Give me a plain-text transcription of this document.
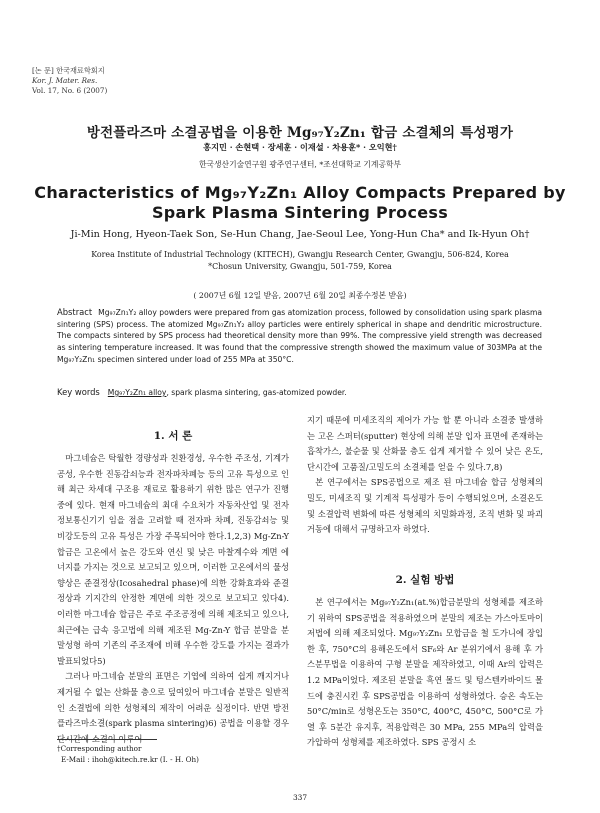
[논 문] 한국재료학회지
Kor. J. Mater. Res.
Vol. 17, No. 6 (2007)
방전플라즈마 소결공법을 이용한 Mg₉₇Y₂Zn₁ 합금 소결체의 특성평가
홍지민 · 손현택 · 장세훈 · 이재설 · 차용훈* · 오익현†
한국생산기술연구원 광주연구센터, *조선대학교 기계공학부
Characteristics of Mg₉₇Y₂Zn₁ Alloy Compacts Prepared by
Spark Plasma Sintering Process
Ji-Min Hong, Hyeon-Taek Son, Se-Hun Chang, Jae-Seoul Lee, Yong-Hun Cha* and Ik-Hyun Oh†
Korea Institute of Industrial Technology (KITECH), Gwangju Research Center, Gwangju, 506-824, Korea
*Chosun University, Gwangju, 501-759, Korea
( 2007년 6월 12일 받음, 2007년 6월 20일 최종수정본 받음)
Abstract Mg₉₇Zn₁Y₂ alloy powders were prepared from gas atomization process, followed by consolidation using spark plasma sintering (SPS) process. The atomized Mg₉₇Zn₁Y₂ alloy particles were entirely spherical in shape and dendritic microstructure. The compacts sintered by SPS process had theoretical density more than 99%. The compressive yield strength was decreased as sintering temperature increased. It was found that the compressive strength showed the maximum value of 303MPa at the Mg₉₇Y₂Zn₁ specimen sintered under load of 255 MPa at 350°C.
Key words Mg₉₇Y₂Zn₁ alloy, spark plasma sintering, gas-atomized powder.
1. 서 론

마그네슘은 탁월한 경량성과 친환경성, 우수한 주조성, 기계가공성, 우수한 진동감쇠능과 전자파차폐능 등의 고유 특성으로 인해 최근 차세대 구조용 재료로 활용하기 위한 많은 연구가 진행중에 있다. 현재 마그네슘의 최대 수요처가 자동차산업 및 전자정보통신기기 임을 점을 고려할 때 전자파 차폐, 진동감쇠능 및 비강도등의 고유 특성은 가장 주목되어야 한다.1,2,3) Mg-Zn-Y합금은 고온에서 높은 강도와 연신 및 낮은 마찰계수와 계면 에너지를 가지는 것으로 보고되고 있으며, 이러한 고온에서의 물성 향상은 준결정상(Icosahedral phase)에 의한 강화효과와 준결정상과 기지간의 안정한 계면에 의한 것으로 보고되고 있다4). 이러한 마그네슘 합금은 주로 주조공정에 의해 제조되고 있으나, 최근에는 급속 응고법에 의해 제조된 Mg-Zn-Y 합금 분말을 분말성형 하여 기존의 주조재에 비해 우수한 강도를 가지는 결과가 발표되었다5)

그러나 마그네슘 분말의 표면은 기엽에 의하여 쉽게 깨지거나 제거될 수 없는 산화물 층으로 덮여있어 마그네슘 분말은 일반적인 소결법에 의한 성형체의 제작이 어려운 실정이다. 반면 방전플라즈마소결(spark plasma sintering)6) 공법을 이용할 경우 단시간에 소결이 이루어

지기 때문에 미세조직의 제어가 가능 할 뿐 아니라 소결중 발생하는 고온 스퍼터(sputter) 현상에 의해 분말 입자 표면에 존재하는 흡착가스, 불순물 및 산화물 층도 쉽게 제거할 수 있어 낮은 온도, 단시간에 고품질/고밀도의 소결체를 얻을 수 있다.7,8)

본 연구에서는 SPS공법으로 제조 된 마그네슘 합금 성형체의 밀도, 미세조직 및 기계적 특성평가 등이 수행되었으며, 소결온도 및 소결압력 변화에 따른 성형체의 치밀화과정, 조직 변화 및 파괴거동에 대해서 규명하고자 하였다.

2. 실험 방법

본 연구에서는 Mg₉₇Y₂Zn₁(at.%)합금분말의 성형체를 제조하기 위하여 SPS공법을 적용하였으며 분말의 제조는 가스아토마이저법에 의해 제조되었다. Mg₉₇Y₂Zn₁ 모합금을 철 도가니에 장입한 후, 750°C의 용해온도에서 SF₆와 Ar 분위기에서 용해 후 가스분무법을 이용하여 구형 분말을 제작하였고, 이때 Ar의 압력은 1.2 MPa이었다. 제조된 분말을 흑연 몰드 및 텅스텐카바이드 몰드에 충진시킨 후 SPS공법을 이용하여 성형하였다. 승온 속도는 50°C/min로 성형온도는 350°C, 400°C, 450°C, 500°C로 가열 후 5분간 유지후, 적용압력은 30 MPa, 255 MPa의 압력을 가압하여 성형체를 제조하였다. SPS 공정시 소

†Corresponding author
E-Mail : ihoh@kitech.re.kr (I. - H. Oh)
337
